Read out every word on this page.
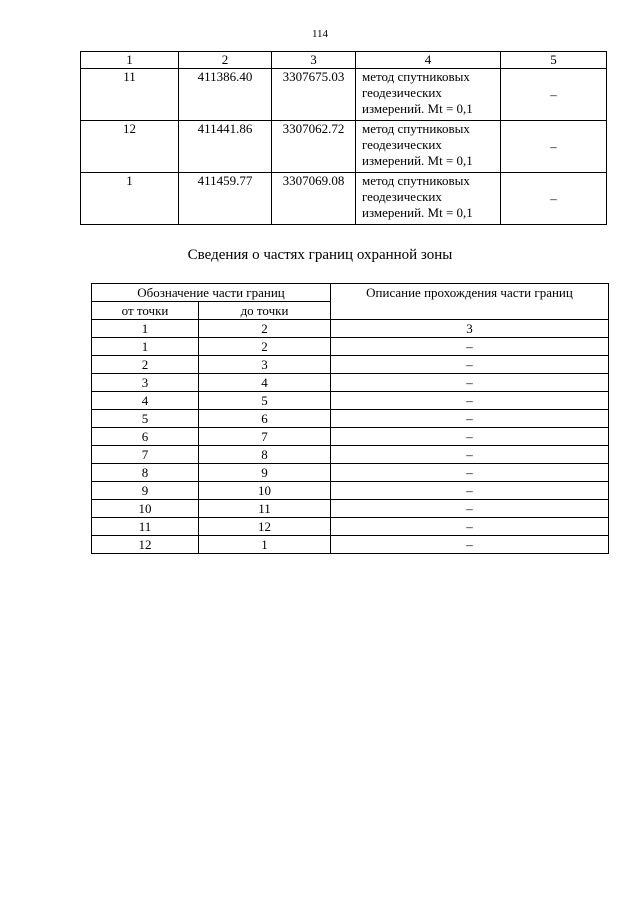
114
1	2	3	4	5
11	411386.40	3307675.03	метод спутниковых
геодезических
измерений. Mt = 0,1	–
12	411441.86	3307062.72	метод спутниковых
геодезических
измерений. Mt = 0,1	–
1	411459.77	3307069.08	метод спутниковых
геодезических
измерений. Mt = 0,1	–
Сведения о частях границ охранной зоны
Обозначение части границ		Описание прохождения части границ
от точки	до точки	
1	2	3
1	2	–
2	3	–
3	4	–
4	5	–
5	6	–
6	7	–
7	8	–
8	9	–
9	10	–
10	11	–
11	12	–
12	1	–
